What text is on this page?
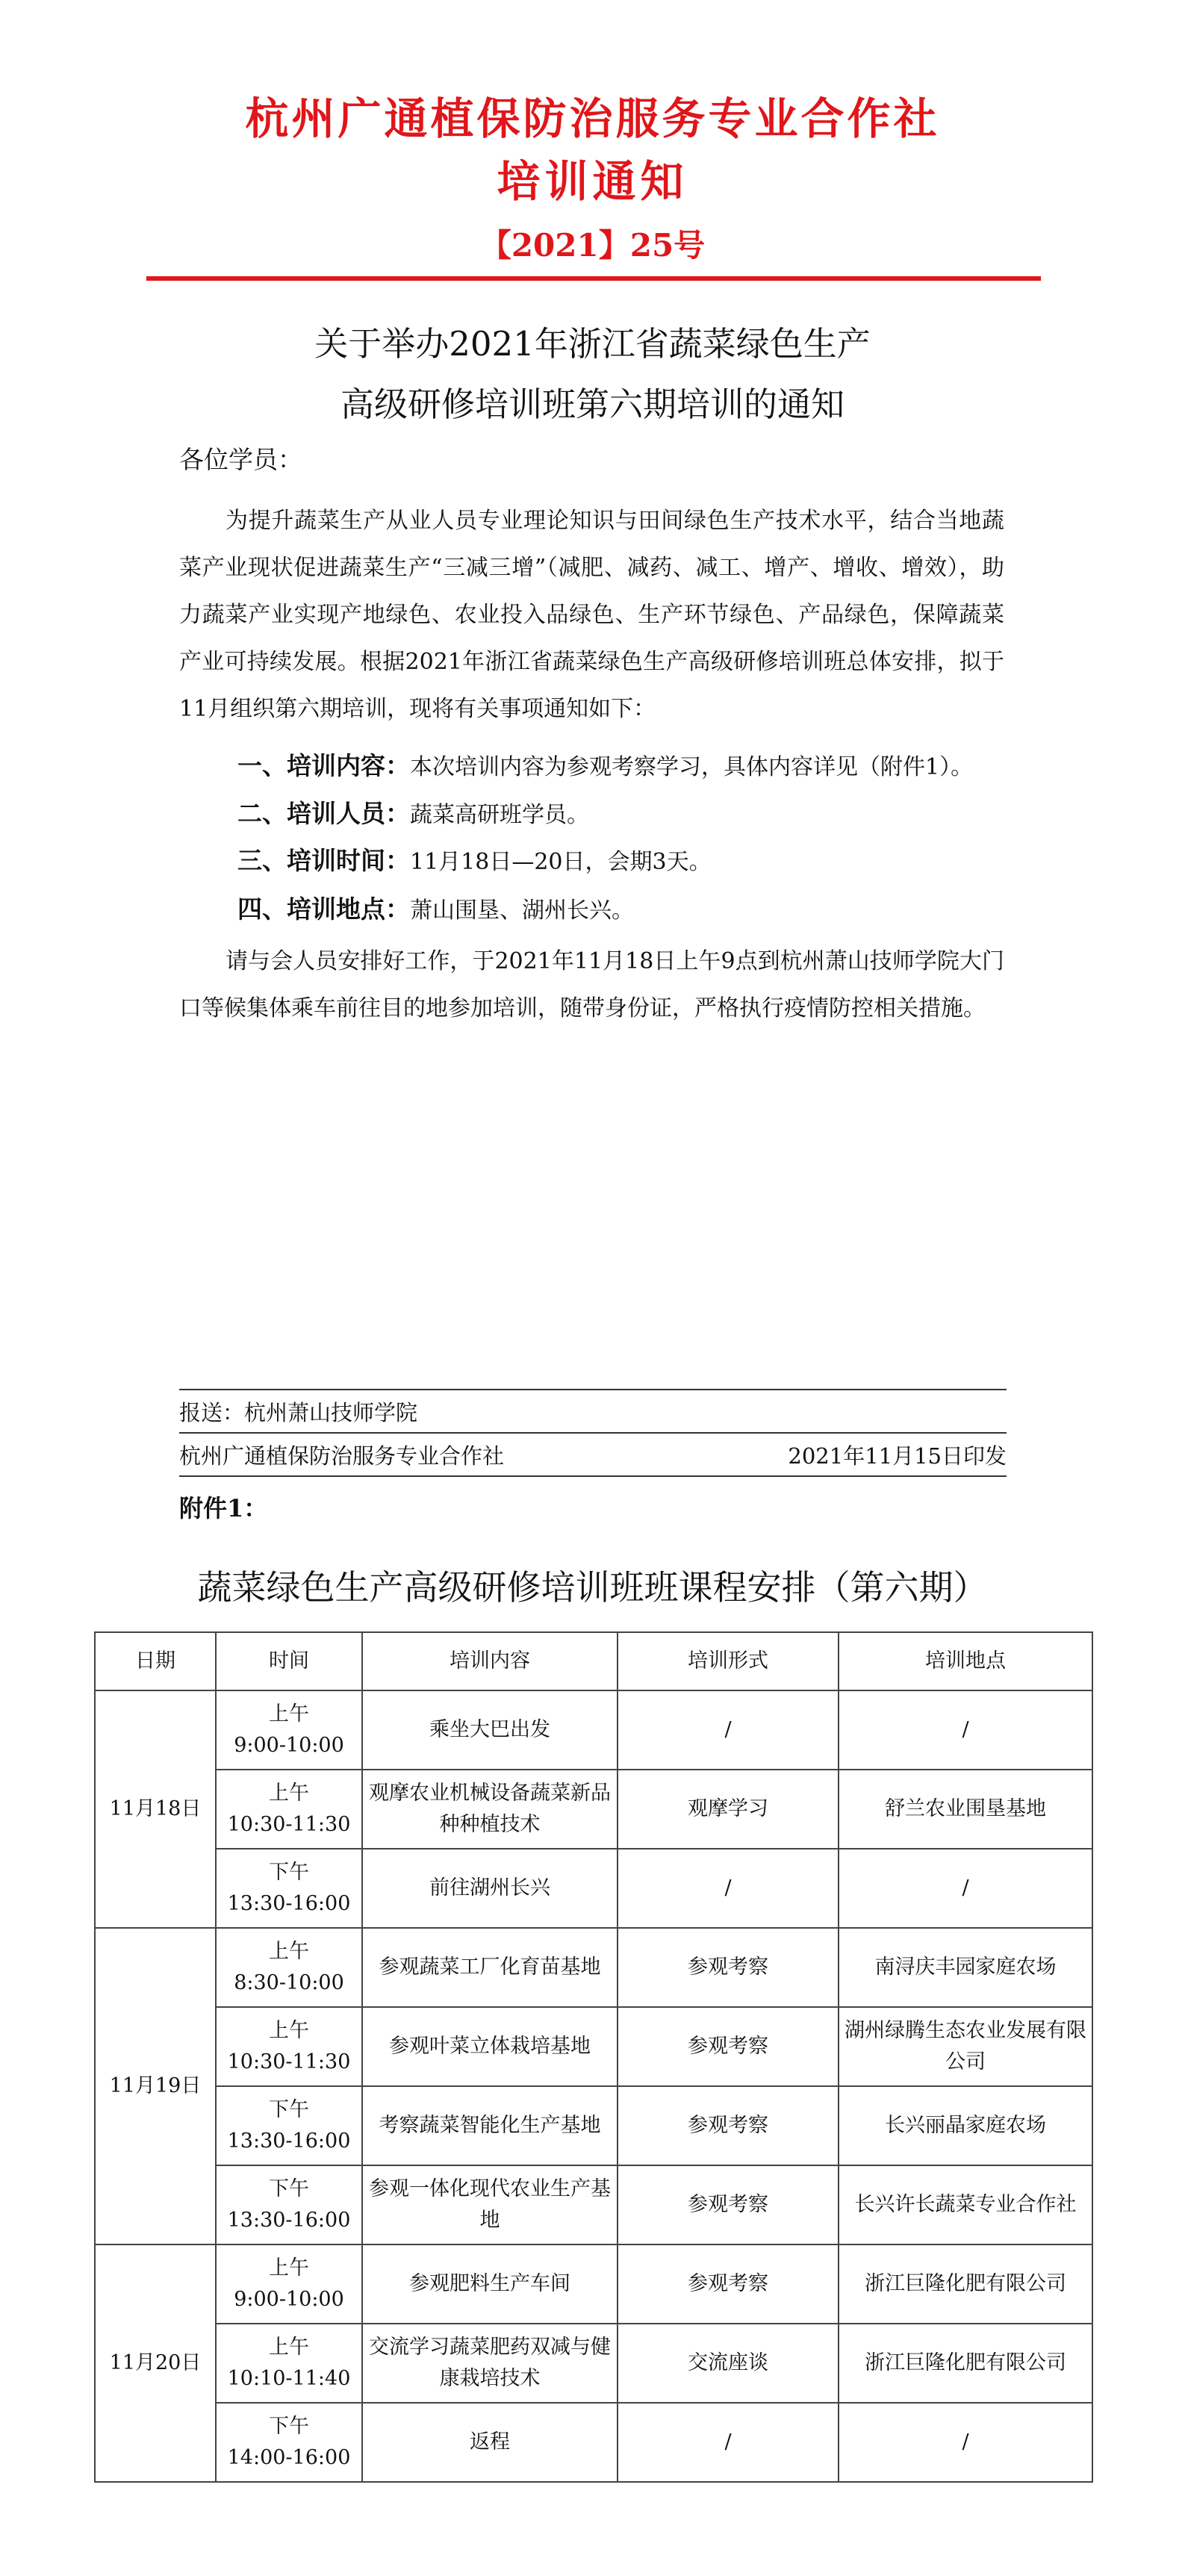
杭州广通植保防治服务专业合作社
培训通知
【2021】25号
关于举办2021年浙江省蔬菜绿色生产
高级研修培训班第六期培训的通知
各位学员：
为提升蔬菜生产从业人员专业理论知识与田间绿色生产技术水平，结合当地蔬菜产业现状促进蔬菜生产“三减三增”（减肥、减药、减工、增产、增收、增效），助力蔬菜产业实现产地绿色、农业投入品绿色、生产环节绿色、产品绿色，保障蔬菜产业可持续发展。根据2021年浙江省蔬菜绿色生产高级研修培训班总体安排，拟于11月组织第六期培训，现将有关事项通知如下：
一、培训内容：本次培训内容为参观考察学习，具体内容详见（附件1）。
二、培训人员：蔬菜高研班学员。
三、培训时间：11月18日—20日，会期3天。
四、培训地点：萧山围垦、湖州长兴。
请与会人员安排好工作，于2021年11月18日上午9点到杭州萧山技师学院大门口等候集体乘车前往目的地参加培训，随带身份证，严格执行疫情防控相关措施。
报送：杭州萧山技师学院
杭州广通植保防治服务专业合作社	2021年11月15日印发
附件1：
蔬菜绿色生产高级研修培训班班课程安排（第六期）
日期	时间	培训内容	培训形式	培训地点
11月18日	上午
9:00-10:00	乘坐大巴出发	/	/

	上午
10:30-11:30	观摩农业机械设备蔬菜新品种种植技术	观摩学习	舒兰农业围垦基地

	下午
13:30-16:00	前往湖州长兴	/	/
11月19日	上午
8:30-10:00	参观蔬菜工厂化育苗基地	参观考察	南浔庆丰园家庭农场

	上午
10:30-11:30	参观叶菜立体栽培基地	参观考察	湖州绿腾生态农业发展有限公司

	下午
13:30-16:00	考察蔬菜智能化生产基地	参观考察	长兴丽晶家庭农场

	下午
13:30-16:00	参观一体化现代农业生产基地	参观考察	长兴许长蔬菜专业合作社
11月20日	上午
9:00-10:00	参观肥料生产车间	参观考察	浙江巨隆化肥有限公司

	上午
10:10-11:40	交流学习蔬菜肥药双减与健康栽培技术	交流座谈	浙江巨隆化肥有限公司

	下午
14:00-16:00	返程	/	/
